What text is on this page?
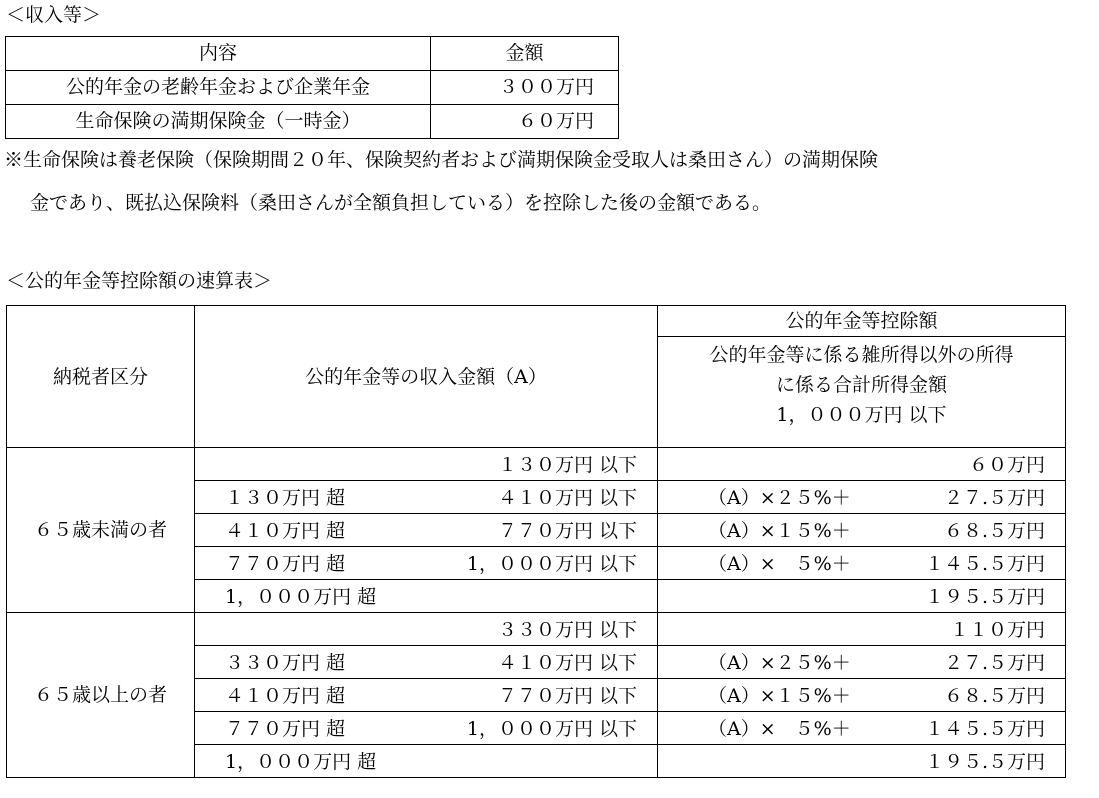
＜収入等＞
内容	金額
公的年金の老齢年金および企業年金	３００万円
生命保険の満期保険金（一時金）	６０万円
※生命保険は養老保険（保険期間２０年、保険契約者および満期保険金受取人は桑田さん）の満期保険
金であり、既払込保険料（桑田さんが全額負担している）を控除した後の金額である。
＜公的年金等控除額の速算表＞
納税者区分	公的年金等の収入金額（A）	公的年金等控除額

		公的年金等に係る雑所得以外の所得
に係る合計所得金額
1，０００万円 以下

６５歳未満の者	１３０万円 以下	６０万円

	１３０万円 超 ４１０万円 以下	（A）×２５%＋ ２７.５万円

	４１０万円 超 ７７０万円 以下	（A）×１５%＋ ６８.５万円

	７７０万円 超 1，０００万円 以下	（A）×　５%＋ １４５.５万円

	1，０００万円 超	１９５.５万円

６５歳以上の者	３３０万円 以下	１１０万円

	３３０万円 超 ４１０万円 以下	（A）×２５%＋ ２７.５万円

	４１０万円 超 ７７０万円 以下	（A）×１５%＋ ６８.５万円

	７７０万円 超 1，０００万円 以下	（A）×　５%＋ １４５.５万円

	1，０００万円 超	１９５.５万円
